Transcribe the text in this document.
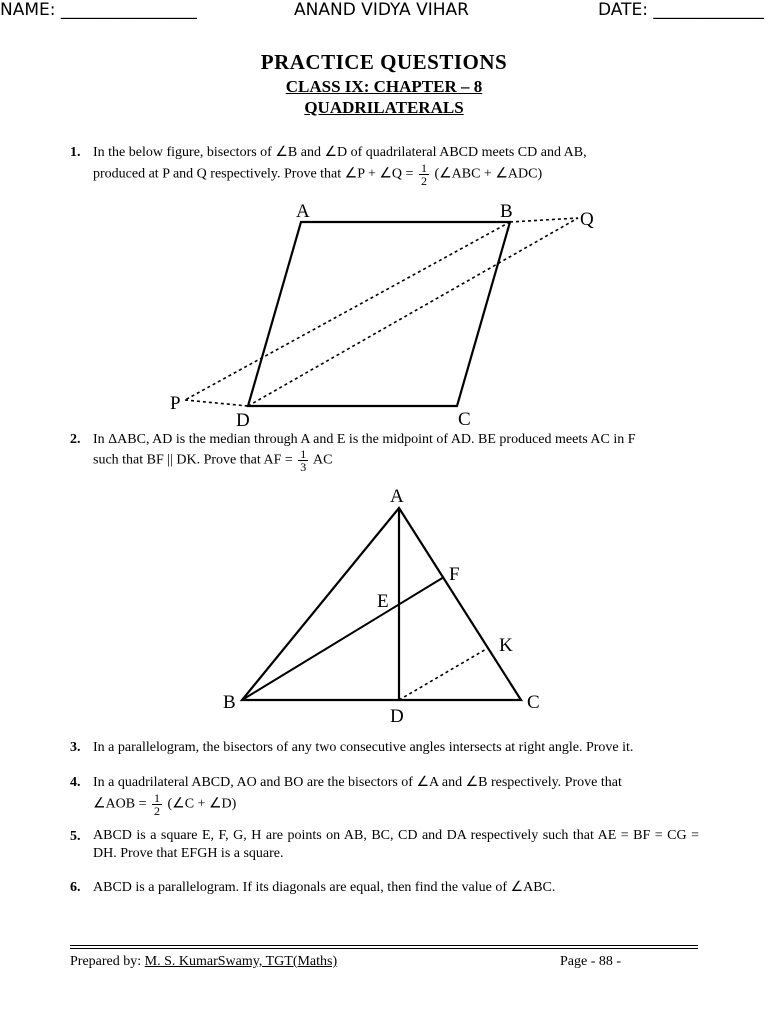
NAME: ________________	ANAND VIDYA VIHAR	DATE: _____________
PRACTICE QUESTIONS
CLASS IX: CHAPTER – 8
QUADRILATERALS
1. In the below figure, bisectors of ∠B and ∠D of quadrilateral ABCD meets CD and AB,
produced at P and Q respectively. Prove that ∠P + ∠Q = $\frac{1}{2}$ (∠ABC + ∠ADC)
A	B
C
D
P
Q
2. In ΔABC, AD is the median through A and E is the midpoint of AD. BE produced meets AC in F
such that BF || DK. Prove that AF = $\frac{1}{3}$ AC
A
B	C
D
E
F
K
3. In a parallelogram, the bisectors of any two consecutive angles intersects at right angle. Prove it.
4. In a quadrilateral ABCD, AO and BO are the bisectors of ∠A and ∠B respectively. Prove that
∠AOB = $\frac{1}{2}$ (∠C + ∠D)
5. ABCD is a square E, F, G, H are points on AB, BC, CD and DA respectively such that AE = BF = CG = DH. Prove that EFGH is a square.
6. ABCD is a parallelogram. If its diagonals are equal, then find the value of ∠ABC.
Prepared by: M. S. KumarSwamy, TGT(Maths)	Page - 88 -
